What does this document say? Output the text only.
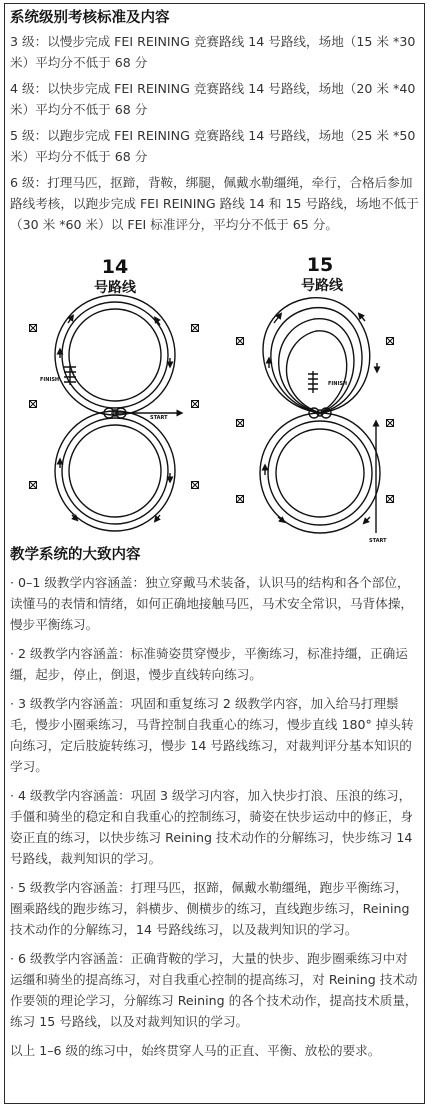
系统级别考核标准及内容

3 级：以慢步完成 FEI REINING 竞赛路线 14 号路线，场地（15 米 *30 米）平均分不低于 68 分

4 级：以快步完成 FEI REINING 竞赛路线 14 号路线，场地（20 米 *40 米）平均分不低于 68 分

5 级：以跑步完成 FEI REINING 竞赛路线 14 号路线，场地（25 米 *50 米）平均分不低于 68 分

6 级：打理马匹，抠蹄，背鞍，绑腿，佩戴水勒缰绳，牵行，合格后参加路线考核，以跑步完成 FEI REINING 路线 14 和 15 号路线，场地不低于（30 米 *60 米）以 FEI 标准评分，平均分不低于 65 分。

14
号路线
FINISH
START
15
号路线
FINISH
START
教学系统的大致内容

· 0–1 级教学内容涵盖：独立穿戴马术装备，认识马的结构和各个部位，读懂马的表情和情绪，如何正确地接触马匹，马术安全常识，马背体操，慢步平衡练习。

· 2 级教学内容涵盖：标准骑姿贯穿慢步，平衡练习，标准持缰，正确运缰，起步，停止，倒退，慢步直线转向练习。

· 3 级教学内容涵盖：巩固和重复练习 2 级教学内容，加入给马打理鬃毛，慢步小圈乘练习，马背控制自我重心的练习，慢步直线 180° 掉头转向练习，定后肢旋转练习，慢步 14 号路线练习，对裁判评分基本知识的学习。

· 4 级教学内容涵盖：巩固 3 级学习内容，加入快步打浪、压浪的练习，手僵和骑坐的稳定和自我重心的控制练习，骑姿在快步运动中的修正，身姿正直的练习，以快步练习 Reining 技术动作的分解练习，快步练习 14 号路线，裁判知识的学习。

· 5 级教学内容涵盖：打理马匹，抠蹄，佩戴水勒缰绳，跑步平衡练习，圈乘路线的跑步练习，斜横步、侧横步的练习，直线跑步练习，Reining 技术动作的分解练习，14 号路线练习，以及裁判知识的学习。

· 6 级教学内容涵盖：正确背鞍的学习，大量的快步、跑步圈乘练习中对运缰和骑坐的提高练习，对自我重心控制的提高练习，对 Reining 技术动作要领的理论学习，分解练习 Reining 的各个技术动作，提高技术质量，练习 15 号路线，以及对裁判知识的学习。

以上 1–6 级的练习中，始终贯穿人马的正直、平衡、放松的要求。
